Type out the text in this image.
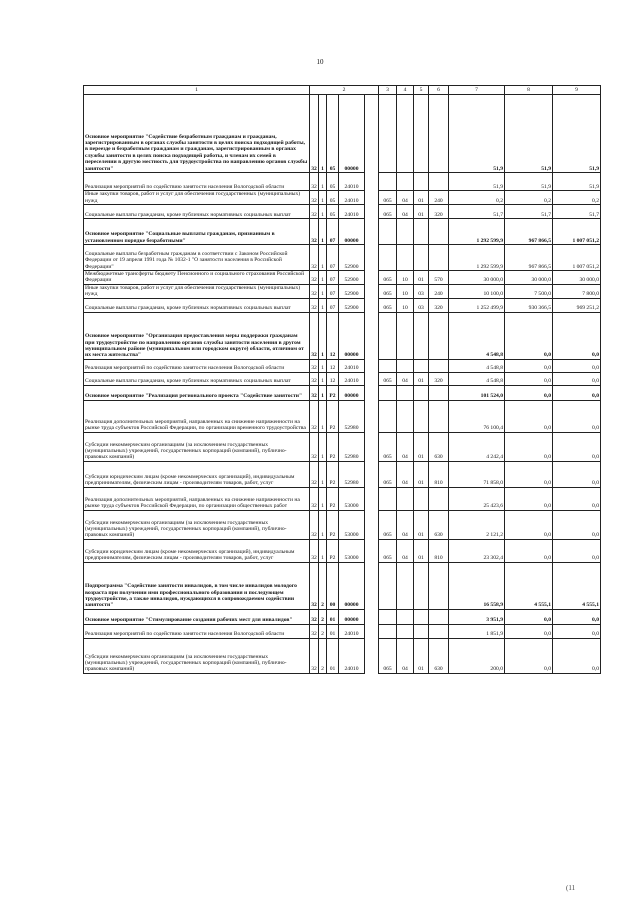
10
1	2					3	4	5	6	7	8	9
Основное мероприятие "Содействие безработным гражданам и гражданам, зарегистрированным в органах службы занятости в целях поиска подходящей работы, в переезде и безработным гражданам и гражданам, зарегистрированным в органах службы занятости в целях поиска подходящей работы, и членам их семей в переселении в другую местность для трудоустройства по направлению органов службы занятости"	32	1	05	00000						51,9	51,9	51,9
Реализация мероприятий по содействию занятости населения Вологодской области	32	1	05	24010						51,9	51,9	51,9
Иные закупки товаров, работ и услуг для обеспечения государственных (муниципальных) нужд	32	1	05	24010		065	04	01	240	0,2	0,2	0,2
Социальные выплаты гражданам, кроме публичных нормативных социальных выплат	32	1	05	24010		065	04	01	320	51,7	51,7	51,7
Основное мероприятие "Социальные выплаты гражданам, признанным в установленном порядке безработными"	32	1	07	00000						1 292 599,9	967 866,5	1 007 051,2
Социальные выплаты безработным гражданам в соответствии с Законом Российской Федерации от 19 апреля 1991 года № 1032-1 "О занятости населения в Российской Федерации"	32	1	07	52900						1 292 599,9	967 866,5	1 007 051,2
Межбюджетные трансферты бюджету Пенсионного и социального страхования Российской Федерации	32	1	07	52900		065	10	01	570	30 000,0	30 000,0	30 000,0
Иные закупки товаров, работ и услуг для обеспечения государственных (муниципальных) нужд	32	1	07	52900		065	10	03	240	10 100,0	7 500,0	7 800,0
Социальные выплаты гражданам, кроме публичных нормативных социальных выплат	32	1	07	52900		065	10	03	320	1 252 499,9	930 366,5	969 251,2
Основное мероприятие "Организация предоставления меры поддержки гражданам при трудоустройстве по направлению органов службы занятости населения в другом муниципальном районе (муниципальном или городском округе) области, отличном от их места жительства"	32	1	12	00000						4 548,8	0,0	0,0
Реализация мероприятий по содействию занятости населения Вологодской области	32	1	12	24010						4 548,8	0,0	0,0
Социальные выплаты гражданам, кроме публичных нормативных социальных выплат	32	1	12	24010		065	04	01	320	4 548,8	0,0	0,0
Основное мероприятие "Реализация регионального проекта "Содействие занятости"	32	1	Р2	00000						101 524,0	0,0	0,0
Реализация дополнительных мероприятий, направленных на снижение напряженности на рынке труда субъектов Российской Федерации, по организации временного трудоустройства	32	1	Р2	52980						76 100,4	0,0	0,0
Субсидии некоммерческим организациям (за исключением государственных (муниципальных) учреждений, государственных корпораций (компаний), публично-правовых компаний)	32	1	Р2	52980		065	04	01	630	4 242,4	0,0	0,0
Субсидии юридическим лицам (кроме некоммерческих организаций), индивидуальным предпринимателям, физическим лицам - производителям товаров, работ, услуг	32	1	Р2	52980		065	04	01	810	71 858,0	0,0	0,0
Реализация дополнительных мероприятий, направленных на снижение напряженности на рынке труда субъектов Российской Федерации, по организации общественных работ	32	1	Р2	53000						25 423,6	0,0	0,0
Субсидии некоммерческим организациям (за исключением государственных (муниципальных) учреждений, государственных корпораций (компаний), публично-правовых компаний)	32	1	Р2	53000		065	04	01	630	2 121,2	0,0	0,0
Субсидии юридическим лицам (кроме некоммерческих организаций), индивидуальным предпринимателям, физическим лицам - производителям товаров, работ, услуг	32	1	Р2	53000		065	04	01	810	23 302,4	0,0	0,0
Подпрограмма "Содействие занятости инвалидов, в том числе инвалидов молодого возраста при получении ими профессионального образования и последующем трудоустройстве, а также инвалидов, нуждающихся в сопровождаемом содействии занятости"	32	2	00	00000						16 558,9	4 555,1	4 555,1
Основное мероприятие "Стимулирование создания рабочих мест для инвалидов"	32	2	01	00000						3 951,9	0,0	0,0
Реализация мероприятий по содействию занятости населения Вологодской области	32	2	01	24010						1 851,9	0,0	0,0
Субсидии некоммерческим организациям (за исключением государственных (муниципальных) учреждений, государственных корпораций (компаний), публично-правовых компаний)	32	2	01	24010		065	04	01	630	200,0	0,0	0,0
(11
